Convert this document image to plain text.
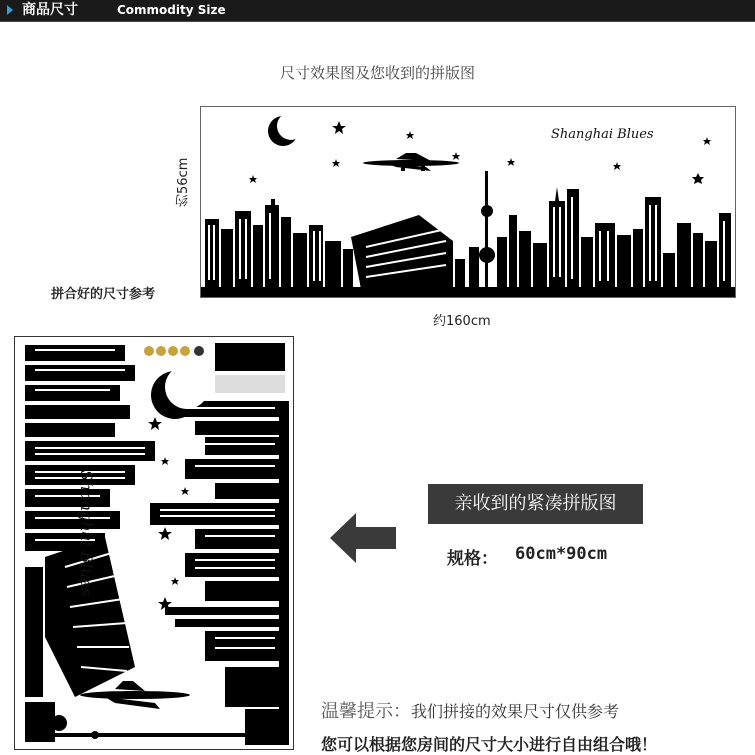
商品尺寸	Commodity Size
尺寸效果图及您收到的拼版图
约56cm
Shanghai Blues
拼合好的尺寸参考
约160cm
Shanghai Blues	亲收到的紧凑拼版图
规格： 60cm*90cm
温馨提示：我们拼接的效果尺寸仅供参考
您可以根据您房间的尺寸大小进行自由组合哦！
